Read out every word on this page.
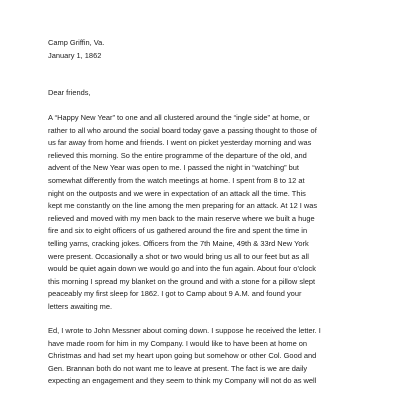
Camp Griffin, Va.
January 1, 1862
Dear friends,
A “Happy New Year” to one and all clustered around the “ingle side” at home, or
rather to all who around the social board today gave a passing thought to those of
us far away from home and friends. I went on picket yesterday morning and was
relieved this morning. So the entire programme of the departure of the old, and
advent of the New Year was open to me. I passed the night in “watching” but
somewhat differently from the watch meetings at home. I spent from 8 to 12 at
night on the outposts and we were in expectation of an attack all the time. This
kept me constantly on the line among the men preparing for an attack. At 12 I was
relieved and moved with my men back to the main reserve where we built a huge
fire and six to eight officers of us gathered around the fire and spent the time in
telling yarns, cracking jokes. Officers from the 7th Maine, 49th & 33rd New York
were present. Occasionally a shot or two would bring us all to our feet but as all
would be quiet again down we would go and into the fun again. About four o’clock
this morning I spread my blanket on the ground and with a stone for a pillow slept
peaceably my first sleep for 1862. I got to Camp about 9 A.M. and found your
letters awaiting me.
Ed, I wrote to John Messner about coming down. I suppose he received the letter. I
have made room for him in my Company. I would like to have been at home on
Christmas and had set my heart upon going but somehow or other Col. Good and
Gen. Brannan both do not want me to leave at present. The fact is we are daily
expecting an engagement and they seem to think my Company will not do as well
